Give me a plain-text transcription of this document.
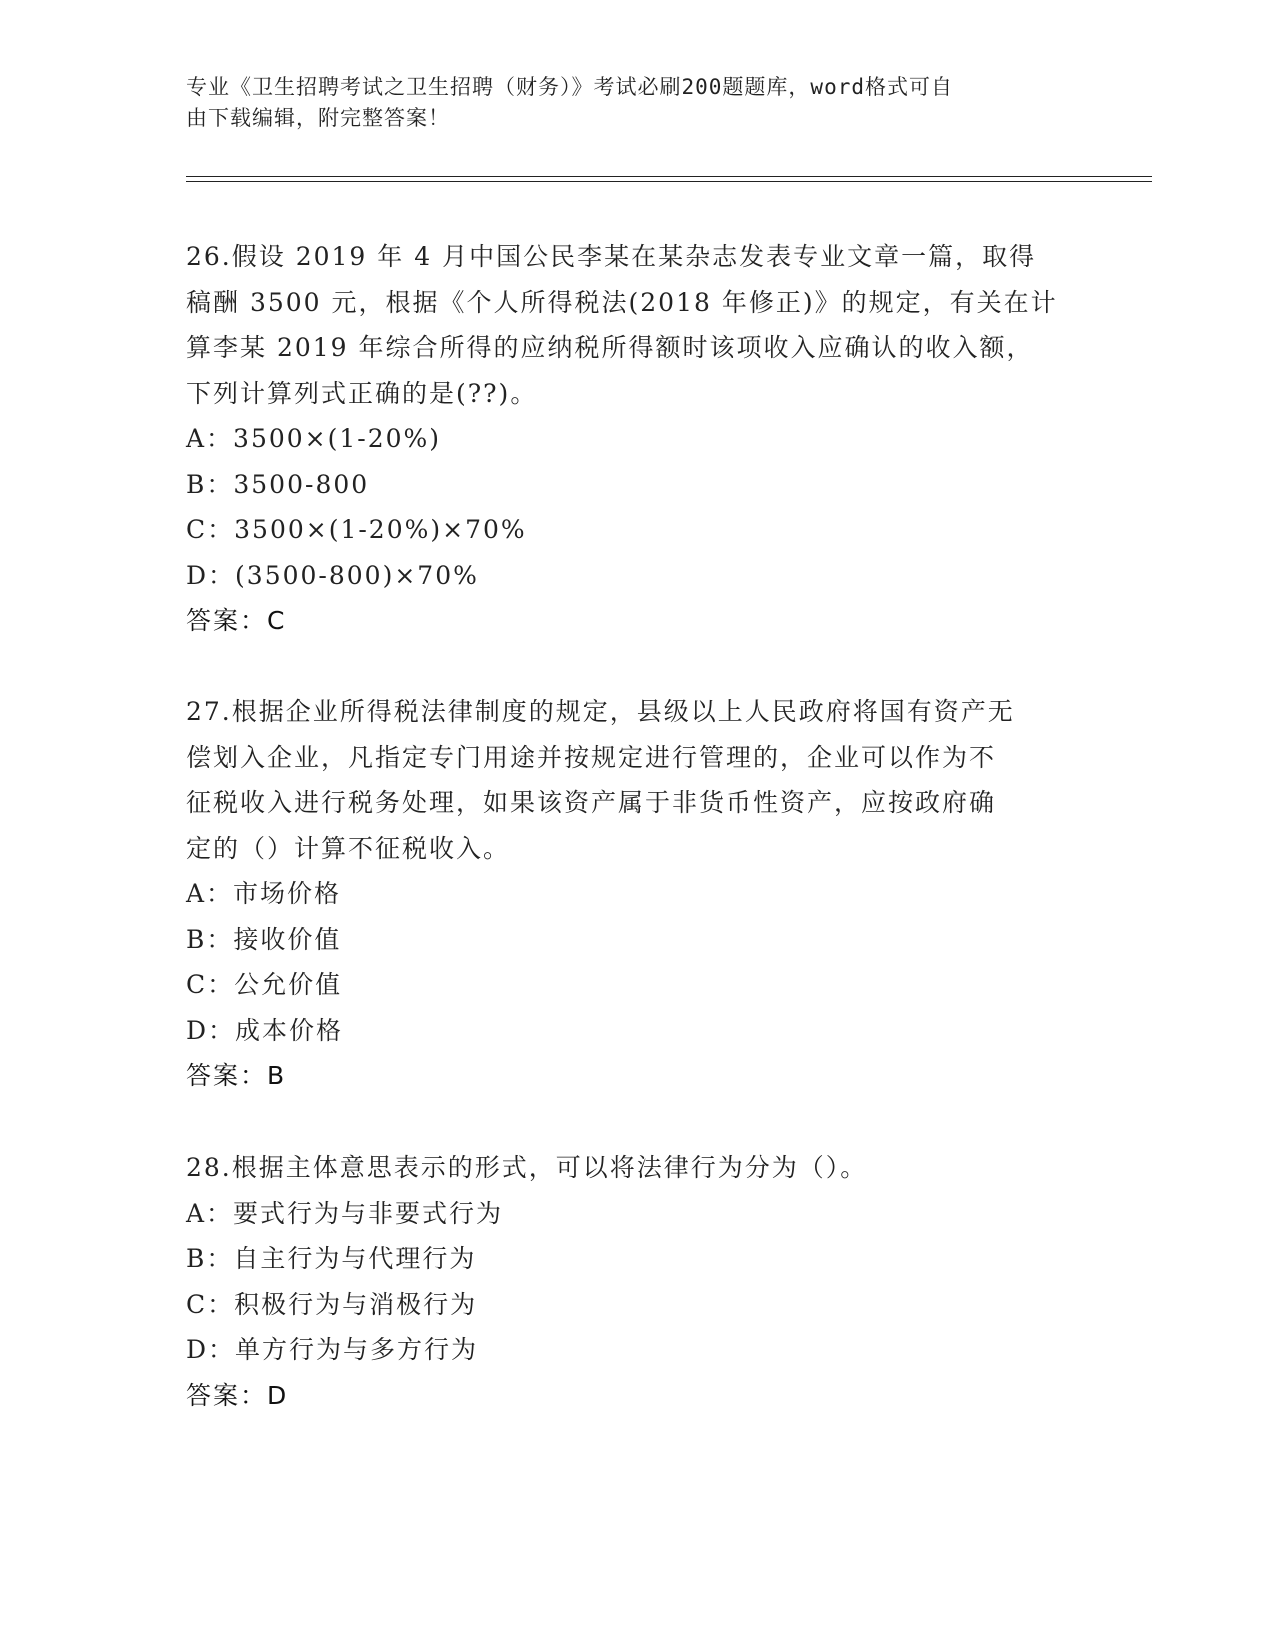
专业《卫生招聘考试之卫生招聘（财务）》考试必刷200题题库，word格式可自
由下载编辑，附完整答案！

26.假设 2019 年 4 月中国公民李某在某杂志发表专业文章一篇，取得

稿酬 3500 元，根据《个人所得税法(2018 年修正)》的规定，有关在计

算李某 2019 年综合所得的应纳税所得额时该项收入应确认的收入额，

下列计算列式正确的是(??)。

A：3500×(1-20%)

B：3500-800

C：3500×(1-20%)×70%

D：(3500-800)×70%

答案：C

27.根据企业所得税法律制度的规定，县级以上人民政府将国有资产无

偿划入企业，凡指定专门用途并按规定进行管理的，企业可以作为不

征税收入进行税务处理，如果该资产属于非货币性资产，应按政府确

定的（）计算不征税收入。

A：市场价格

B：接收价值

C：公允价值

D：成本价格

答案：B

28.根据主体意思表示的形式，可以将法律行为分为（）。

A：要式行为与非要式行为

B：自主行为与代理行为

C：积极行为与消极行为

D：单方行为与多方行为

答案：D
